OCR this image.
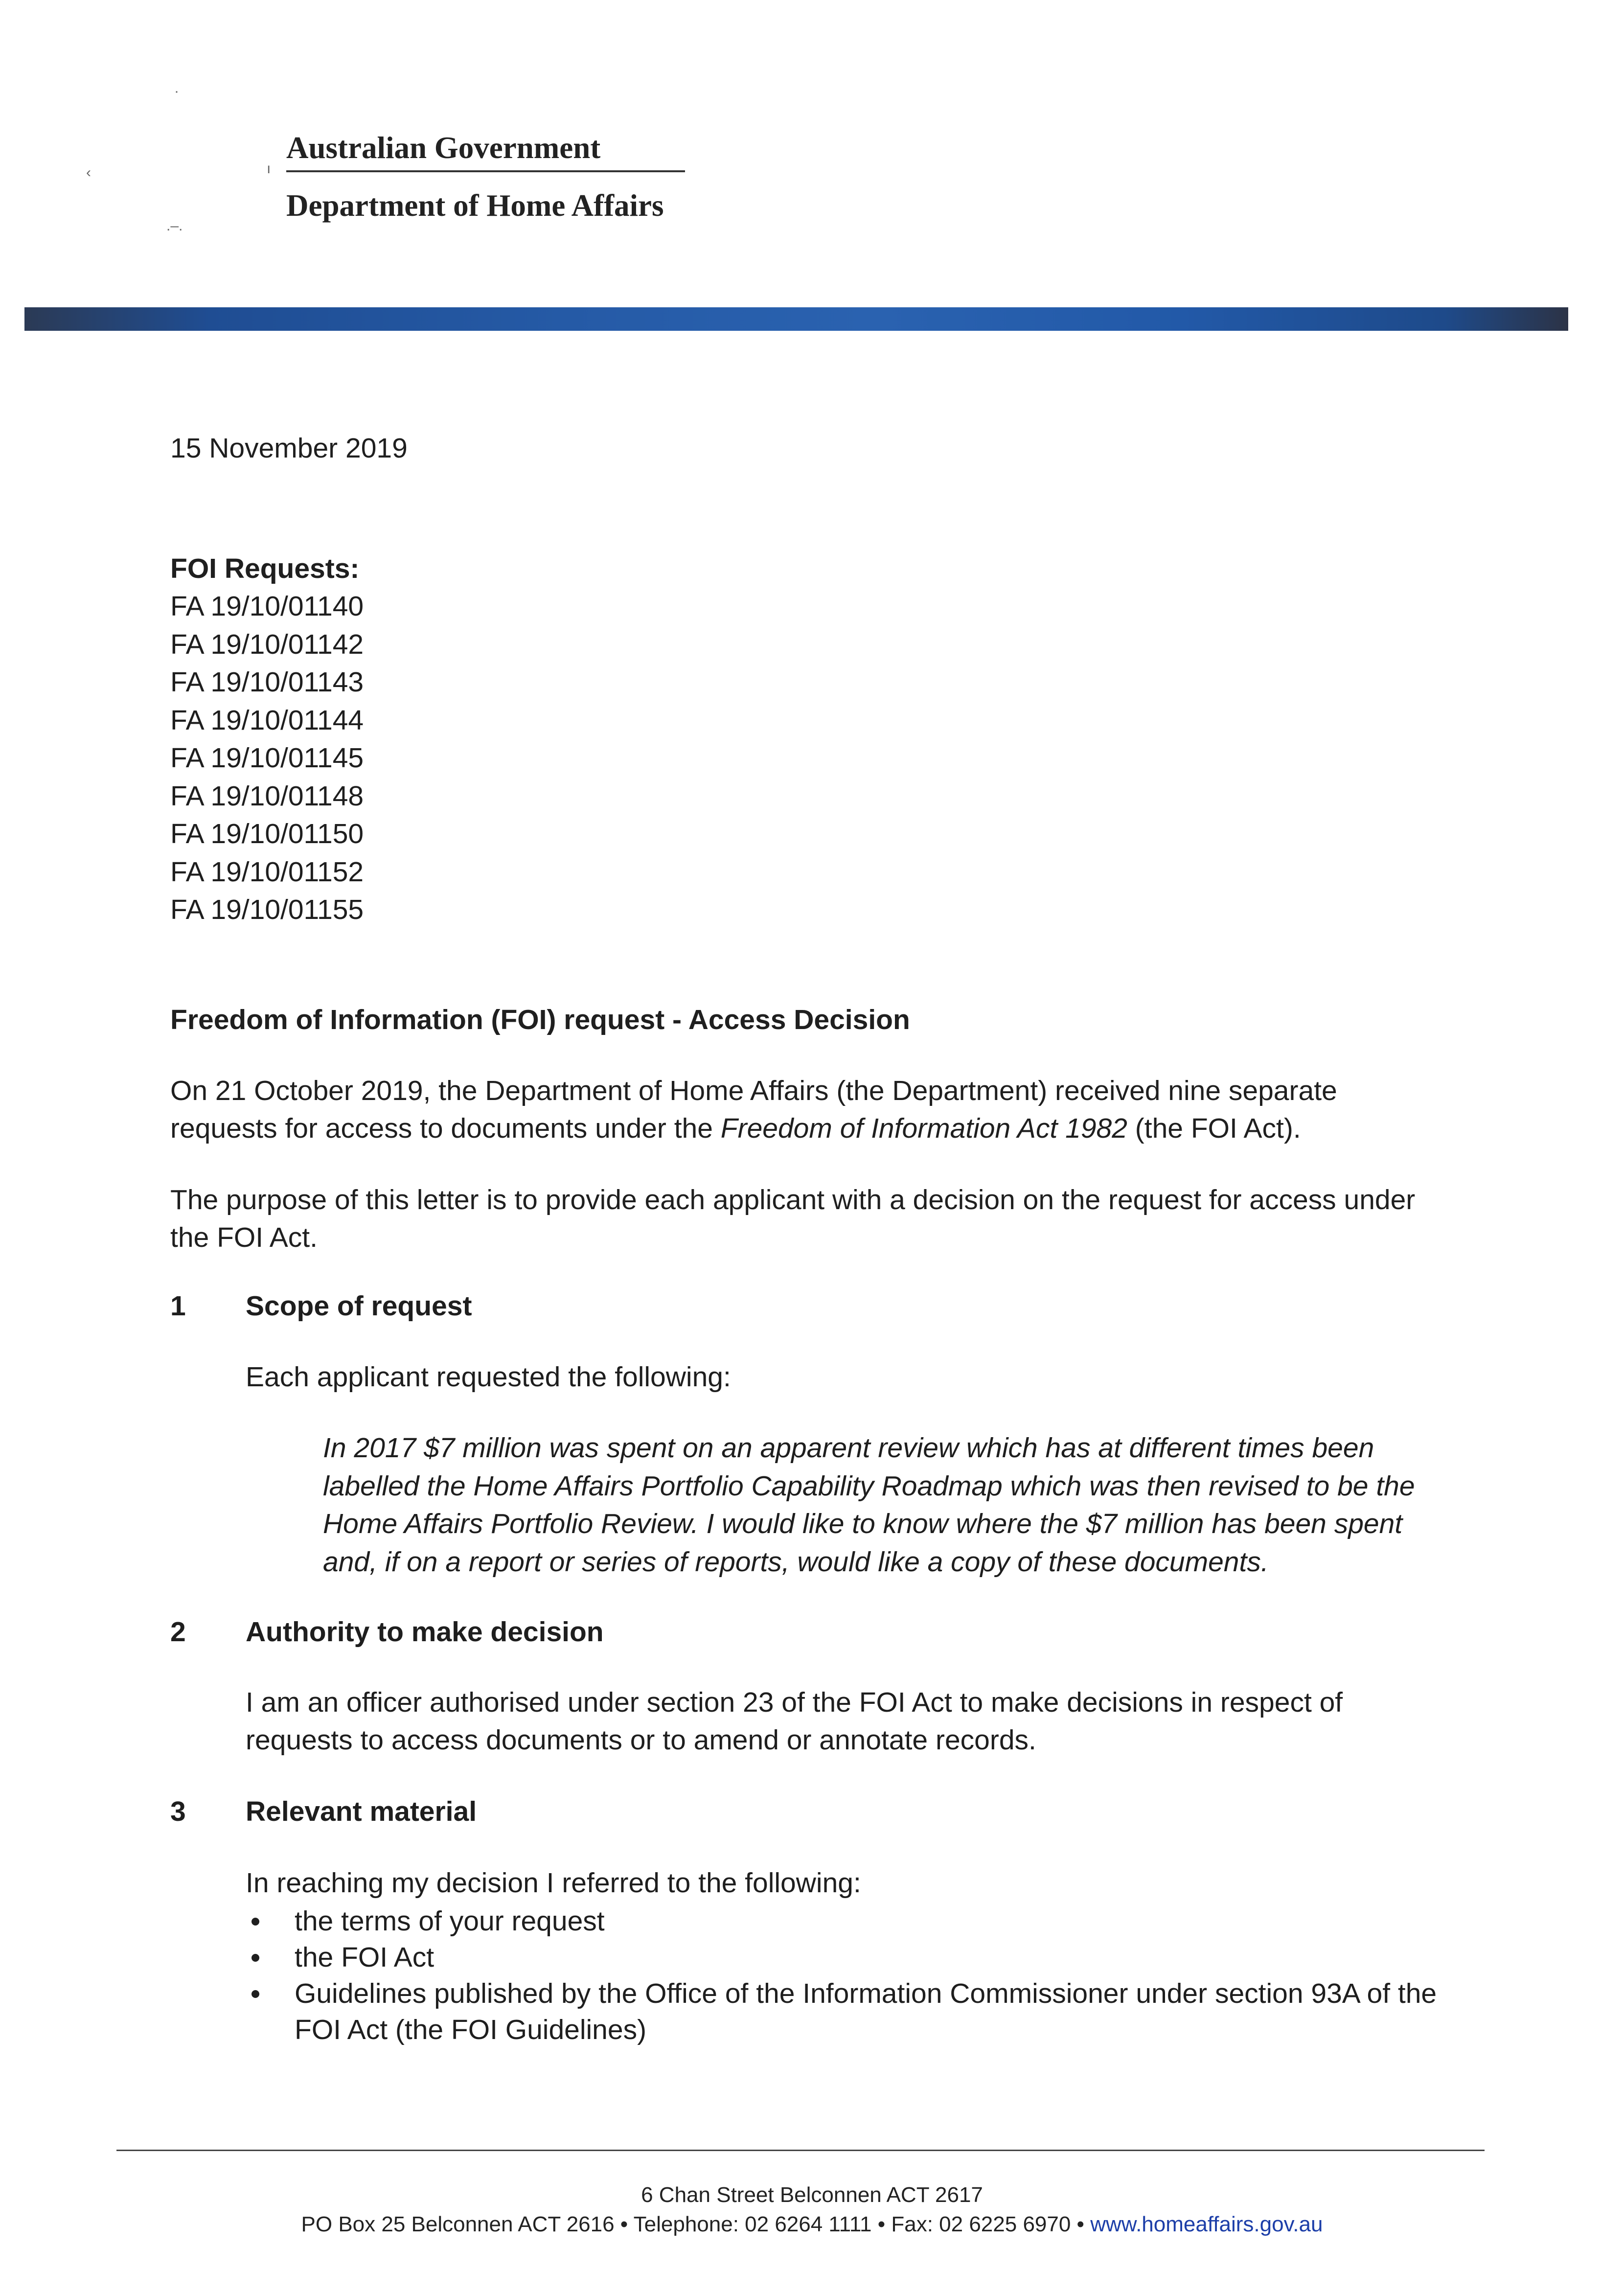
·
‹	ı
.–.
Australian Government
Department of Home Affairs
15 November 2019
FOI Requests:
FA 19/10/01140
FA 19/10/01142
FA 19/10/01143
FA 19/10/01144
FA 19/10/01145
FA 19/10/01148
FA 19/10/01150
FA 19/10/01152
FA 19/10/01155
Freedom of Information (FOI) request - Access Decision
On 21 October 2019, the Department of Home Affairs (the Department) received nine separate requests for access to documents under the Freedom of Information Act 1982 (the FOI Act).
The purpose of this letter is to provide each applicant with a decision on the request for access under the FOI Act.
1 Scope of request
Each applicant requested the following:
In 2017 $7 million was spent on an apparent review which has at different times been labelled the Home Affairs Portfolio Capability Roadmap which was then revised to be the Home Affairs Portfolio Review. I would like to know where the $7 million has been spent and, if on a report or series of reports, would like a copy of these documents.
2 Authority to make decision
I am an officer authorised under section 23 of the FOI Act to make decisions in respect of requests to access documents or to amend or annotate records.
3 Relevant material
In reaching my decision I referred to the following:
the terms of your request
the FOI Act
Guidelines published by the Office of the Information Commissioner under section 93A of the FOI Act (the FOI Guidelines)
6 Chan Street Belconnen ACT 2617
PO Box 25 Belconnen ACT 2616 • Telephone: 02 6264 1111 • Fax: 02 6225 6970 • www.homeaffairs.gov.au
